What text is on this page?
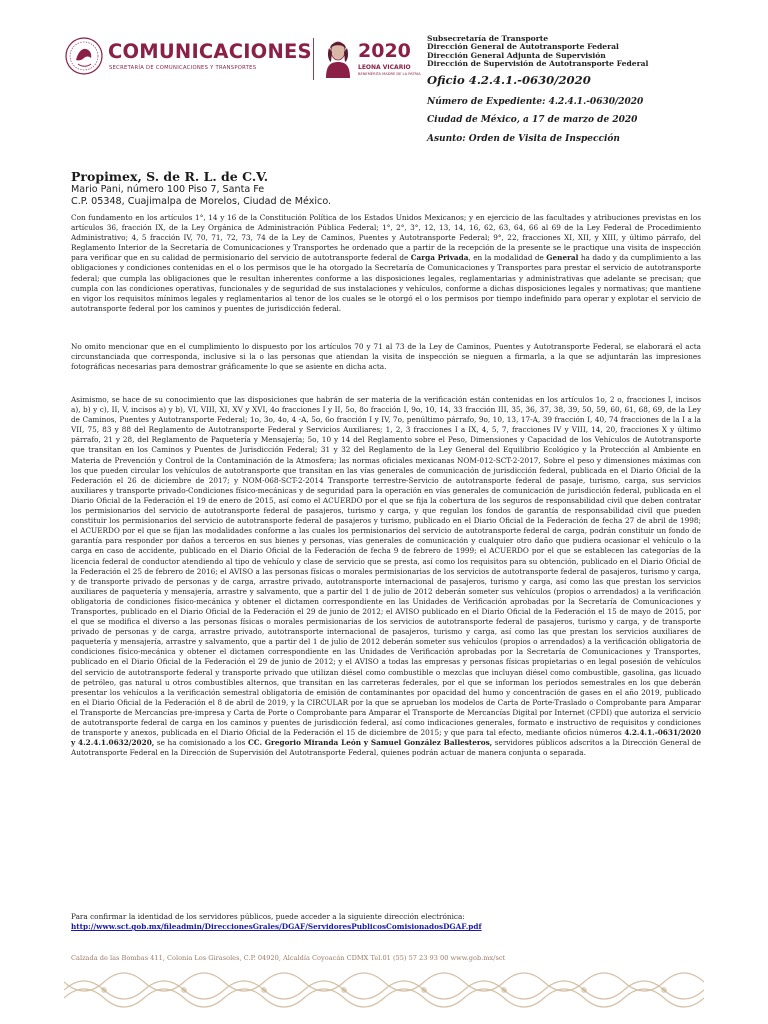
COMUNICACIONES
SECRETARÍA DE COMUNICACIONES Y TRANSPORTES
2020
LEONA VICARIO
BENEMÉRITA MADRE DE LA PATRIA
Subsecretaría de Transporte
Dirección General de Autotransporte Federal
Dirección General Adjunta de Supervisión
Dirección de Supervisión de Autotransporte Federal
Oficio 4.2.4.1.-0630/2020
Número de Expediente: 4.2.4.1.-0630/2020
Ciudad de México, a 17 de marzo de 2020
Asunto: Orden de Visita de Inspección
Propimex, S. de R. L. de C.V.
Mario Pani, número 100 Piso 7, Santa Fe
C.P. 05348, Cuajimalpa de Morelos, Ciudad de México.

Con fundamento en los artículos 1°, 14 y 16 de la Constitución Política de los Estados Unidos Mexicanos; y en ejercicio de las facultades y atribuciones previstas en los artículos 36, fracción IX, de la Ley Orgánica de Administración Pública Federal; 1°, 2°, 3°, 12, 13, 14, 16, 62, 63, 64, 66 al 69 de la Ley Federal de Procedimiento Administrativo; 4, 5 fracción IV, 70, 71, 72, 73, 74 de la Ley de Caminos, Puentes y Autotransporte Federal; 9°, 22, fracciones XI, XII, y XIII, y último párrafo, del Reglamento Interior de la Secretaría de Comunicaciones y Transportes he ordenado que a partir de la recepción de la presente se le practique una visita de inspección para verificar que en su calidad de permisionario del servicio de autotransporte federal de Carga Privada, en la modalidad de General ha dado y da cumplimiento a las obligaciones y condiciones contenidas en el o los permisos que le ha otorgado la Secretaría de Comunicaciones y Transportes para prestar el servicio de autotransporte federal; que cumpla las obligaciones que le resultan inherentes conforme a las disposiciones legales, reglamentarias y administrativas que adelante se precisan; que cumpla con las condiciones operativas, funcionales y de seguridad de sus instalaciones y vehículos, conforme a dichas disposiciones legales y normativas; que mantiene en vigor los requisitos mínimos legales y reglamentarios al tenor de los cuales se le otorgó el o los permisos por tiempo indefinido para operar y explotar el servicio de autotransporte federal por los caminos y puentes de jurisdicción federal.

No omito mencionar que en el cumplimiento lo dispuesto por los artículos 70 y 71 al 73 de la Ley de Caminos, Puentes y Autotransporte Federal, se elaborará el acta circunstanciada que corresponda, inclusive si la o las personas que atiendan la visita de inspección se nieguen a firmarla, a la que se adjuntarán las impresiones fotográficas necesarias para demostrar gráficamente lo que se asiente en dicha acta.

Asimismo, se hace de su conocimiento que las disposiciones que habrán de ser materia de la verificación están contenidas en los artículos 1o, 2 o, fracciones I, incisos a), b) y c), II, V, incisos a) y b), VI, VIII, XI, XV y XVI, 4o fracciones I y II, 5o, 8o fracción I, 9o, 10, 14, 33 fracción III, 35, 36, 37, 38, 39, 50, 59, 60, 61, 68, 69, de la Ley de Caminos, Puentes y Autotransporte Federal; 1o, 3o, 4o, 4 -A, 5o, 6o fracción I y IV, 7o, penúltimo párrafo, 9o, 10, 13, 17-A, 39 fracción I, 40, 74 fracciones de la I a la VII, 75, 83 y 88 del Reglamento de Autotransporte Federal y Servicios Auxiliares; 1, 2, 3 fracciones I a IX, 4, 5, 7, fracciones IV y VIII, 14, 20, fracciones X y último párrafo, 21 y 28, del Reglamento de Paquetería y Mensajería; 5o, 10 y 14 del Reglamento sobre el Peso, Dimensiones y Capacidad de los Vehículos de Autotransporte que transitan en los Caminos y Puentes de Jurisdicción Federal; 31 y 32 del Reglamento de la Ley General del Equilibrio Ecológico y la Protección al Ambiente en Materia de Prevención y Control de la Contaminación de la Atmosfera; las normas oficiales mexicanas NOM-012-SCT-2-2017, Sobre el peso y dimensiones máximas con los que pueden circular los vehículos de autotransporte que transitan en las vías generales de comunicación de jurisdicción federal, publicada en el Diario Oficial de la Federación el 26 de diciembre de 2017; y NOM-068-SCT-2-2014 Transporte terrestre-Servicio de autotransporte federal de pasaje, turismo, carga, sus servicios auxiliares y transporte privado-Condiciones físico-mecánicas y de seguridad para la operación en vías generales de comunicación de jurisdicción federal, publicada en el Diario Oficial de la Federación el 19 de enero de 2015, así como el ACUERDO por el que se fija la cobertura de los seguros de responsabilidad civil que deben contratar los permisionarios del servicio de autotransporte federal de pasajeros, turismo y carga, y que regulan los fondos de garantía de responsabilidad civil que pueden constituir los permisionarios del servicio de autotransporte federal de pasajeros y turismo, publicado en el Diario Oficial de la Federación de fecha 27 de abril de 1998; el ACUERDO por el que se fijan las modalidades conforme a las cuales los permisionarios del servicio de autotransporte federal de carga, podrán constituir un fondo de garantía para responder por daños a terceros en sus bienes y personas, vías generales de comunicación y cualquier otro daño que pudiera ocasionar el vehículo o la carga en caso de accidente, publicado en el Diario Oficial de la Federación de fecha 9 de febrero de 1999; el ACUERDO por el que se establecen las categorías de la licencia federal de conductor atendiendo al tipo de vehículo y clase de servicio que se presta, así como los requisitos para su obtención, publicado en el Diario Oficial de la Federación el 25 de febrero de 2016; el AVISO a las personas físicas o morales permisionarias de los servicios de autotransporte federal de pasajeros, turismo y carga, y de transporte privado de personas y de carga, arrastre privado, autotransporte internacional de pasajeros, turismo y carga, así como las que prestan los servicios auxiliares de paquetería y mensajería, arrastre y salvamento, que a partir del 1 de julio de 2012 deberán someter sus vehículos (propios o arrendados) a la verificación obligatoria de condiciones físico-mecánica y obtener el dictamen correspondiente en las Unidades de Verificación aprobadas por la Secretaría de Comunicaciones y Transportes, publicado en el Diario Oficial de la Federación el 29 de junio de 2012; el AVISO publicado en el Diario Oficial de la Federación el 15 de mayo de 2015, por el que se modifica el diverso a las personas físicas o morales permisionarias de los servicios de autotransporte federal de pasajeros, turismo y carga, y de transporte privado de personas y de carga, arrastre privado, autotransporte internacional de pasajeros, turismo y carga, así como las que prestan los servicios auxiliares de paquetería y mensajería, arrastre y salvamento, que a partir del 1 de julio de 2012 deberán someter sus vehículos (propios o arrendados) a la verificación obligatoria de condiciones físico-mecánica y obtener el dictamen correspondiente en las Unidades de Verificación aprobadas por la Secretaría de Comunicaciones y Transportes, publicado en el Diario Oficial de la Federación el 29 de junio de 2012; y el AVISO a todas las empresas y personas físicas propietarias o en legal posesión de vehículos del servicio de autotransporte federal y transporte privado que utilizan diésel como combustible o mezclas que incluyan diésel como combustible, gasolina, gas licuado de petróleo, gas natural u otros combustibles alternos, que transitan en las carreteras federales, por el que se informan los periodos semestrales en los que deberán presentar los vehículos a la verificación semestral obligatoria de emisión de contaminantes por opacidad del humo y concentración de gases en el año 2019, publicado en el Diario Oficial de la Federación el 8 de abril de 2019, y la CIRCULAR por la que se aprueban los modelos de Carta de Porte-Traslado o Comprobante para Amparar el Transporte de Mercancías pre-impresa y Carta de Porte o Comprobante para Amparar el Transporte de Mercancías Digital por Internet (CFDI) que autoriza el servicio de autotransporte federal de carga en los caminos y puentes de jurisdicción federal, así como indicaciones generales, formato e instructivo de requisitos y condiciones de transporte y anexos, publicada en el Diario Oficial de la Federación el 15 de diciembre de 2015; y que para tal efecto, mediante oficios números 4.2.4.1.-0631/2020 y 4.2.4.1.0632/2020, se ha comisionado a los CC. Gregorio Miranda León y Samuel González Ballesteros, servidores públicos adscritos a la Dirección General de Autotransporte Federal en la Dirección de Supervisión del Autotransporte Federal, quienes podrán actuar de manera conjunta o separada.

Para confirmar la identidad de los servidores públicos, puede acceder a la siguiente dirección electrónica:

http://www.sct.gob.mx/fileadmin/DireccionesGrales/DGAF/ServidoresPublicosComisionadosDGAF.pdf

Calzada de las Bombas 411, Colonia Los Girasoles, C.P. 04920, Alcaldía Coyoacán CDMX Tel.01 (55) 57 23 93 00 www.gob.mx/sct
